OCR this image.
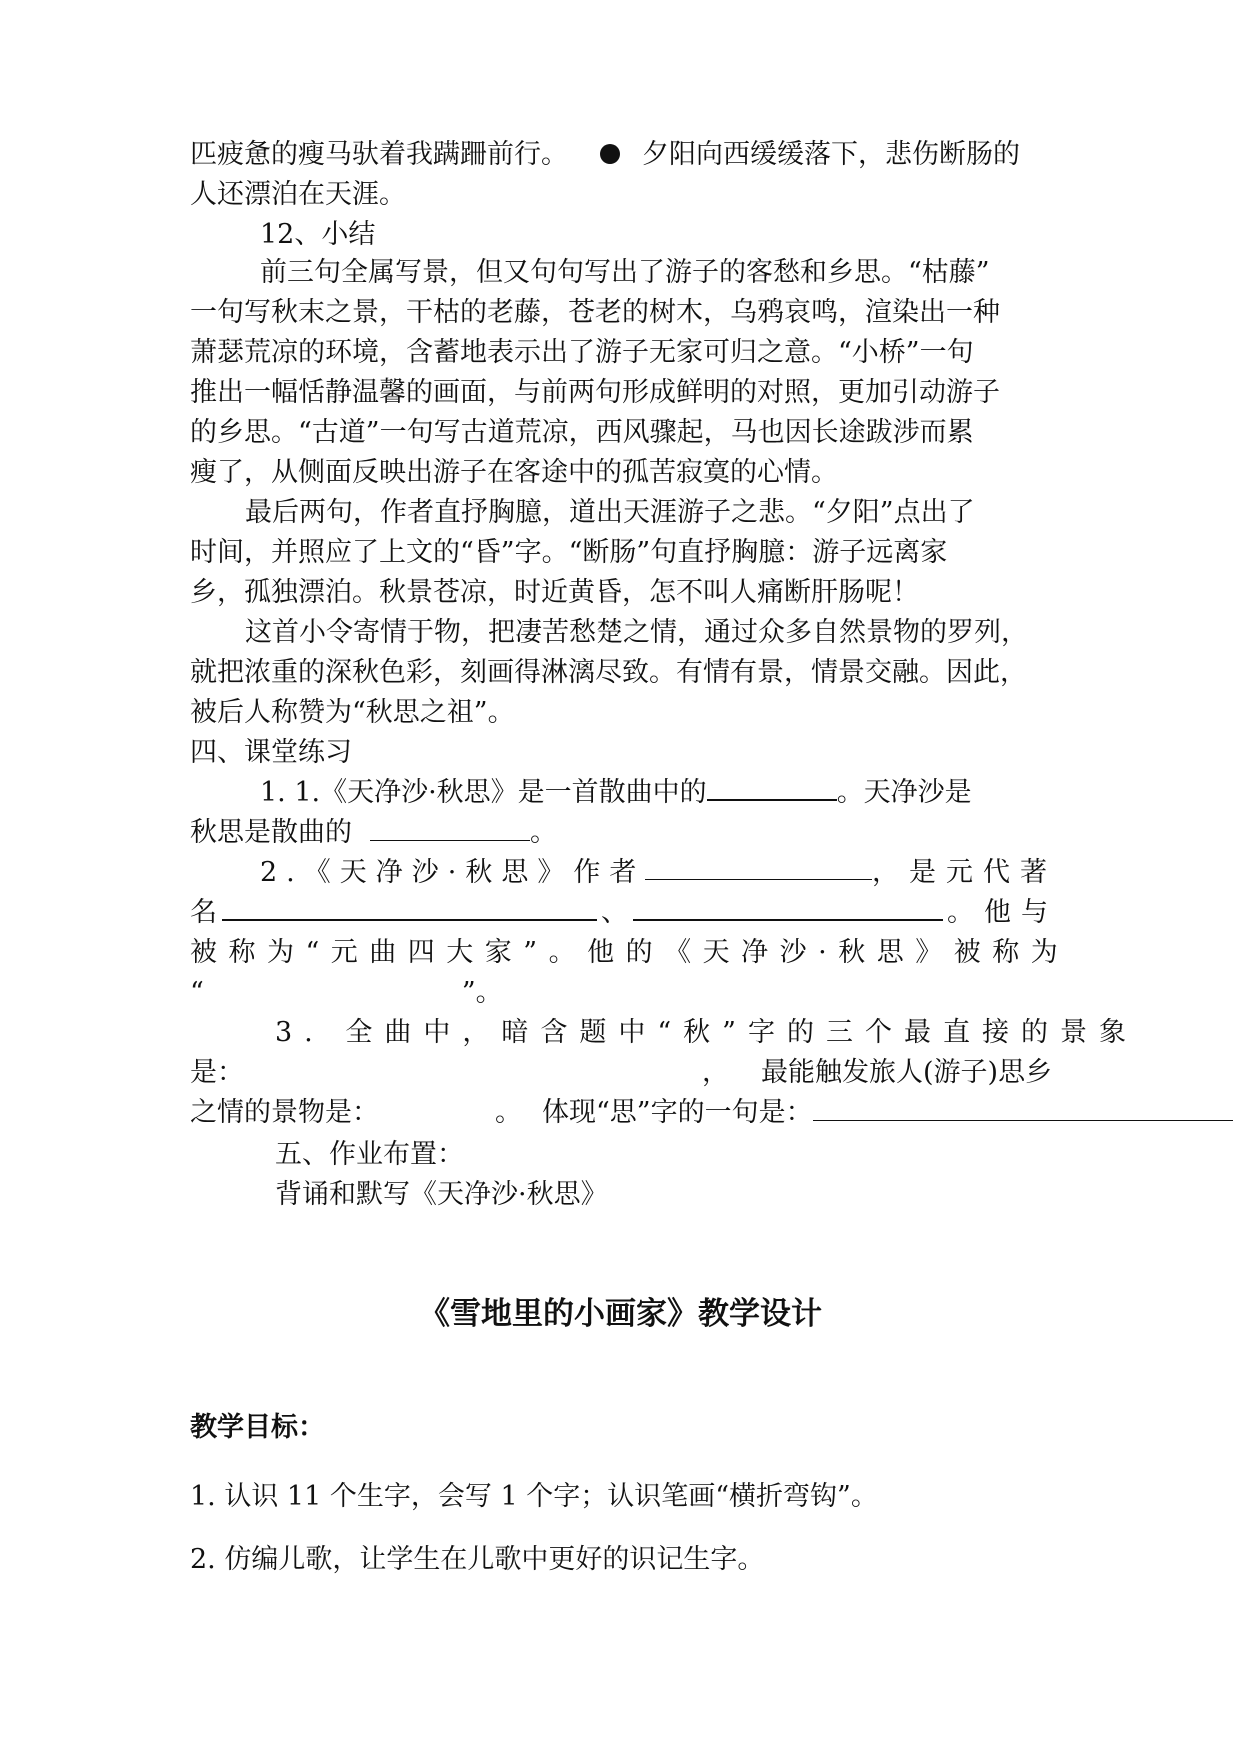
匹疲惫的瘦马驮着我蹒跚前行。	夕阳向西缓缓落下，悲伤断肠的
人还漂泊在天涯。
12、小结
前三句全属写景，但又句句写出了游子的客愁和乡思。“枯藤”
一句写秋末之景，干枯的老藤，苍老的树木，乌鸦哀鸣，渲染出一种
萧瑟荒凉的环境，含蓄地表示出了游子无家可归之意。“小桥”一句
推出一幅恬静温馨的画面，与前两句形成鲜明的对照，更加引动游子
的乡思。“古道”一句写古道荒凉，西风骤起，马也因长途跋涉而累
瘦了，从侧面反映出游子在客途中的孤苦寂寞的心情。
最后两句，作者直抒胸臆，道出天涯游子之悲。“夕阳”点出了
时间，并照应了上文的“昏”字。“断肠”句直抒胸臆：游子远离家
乡，孤独漂泊。秋景苍凉，时近黄昏，怎不叫人痛断肝肠呢！
这首小令寄情于物，把凄苦愁楚之情，通过众多自然景物的罗列，
就把浓重的深秋色彩，刻画得淋漓尽致。有情有景，情景交融。因此，
被后人称赞为“秋思之祖”。
四、课堂练习
1. 1.《天净沙·秋思》是一首散曲中的	。天净沙是
秋思是散曲的	。
2.《天净沙·秋思》作者	，是元代著
名	、	。他与
被称为“元曲四大家”。他的《天净沙·秋思》被称为
“	”。
3. 全曲中，暗含题中“秋”字的三个最直接的景象
是：	， 最能触发旅人(游子)思乡
之情的景物是：	。 体现“思”字的一句是：
五、作业布置：
背诵和默写《天净沙·秋思》
《雪地里的小画家》教学设计
教学目标：
1. 认识 11 个生字，会写 1 个字；认识笔画“横折弯钩”。
2. 仿编儿歌，让学生在儿歌中更好的识记生字。
